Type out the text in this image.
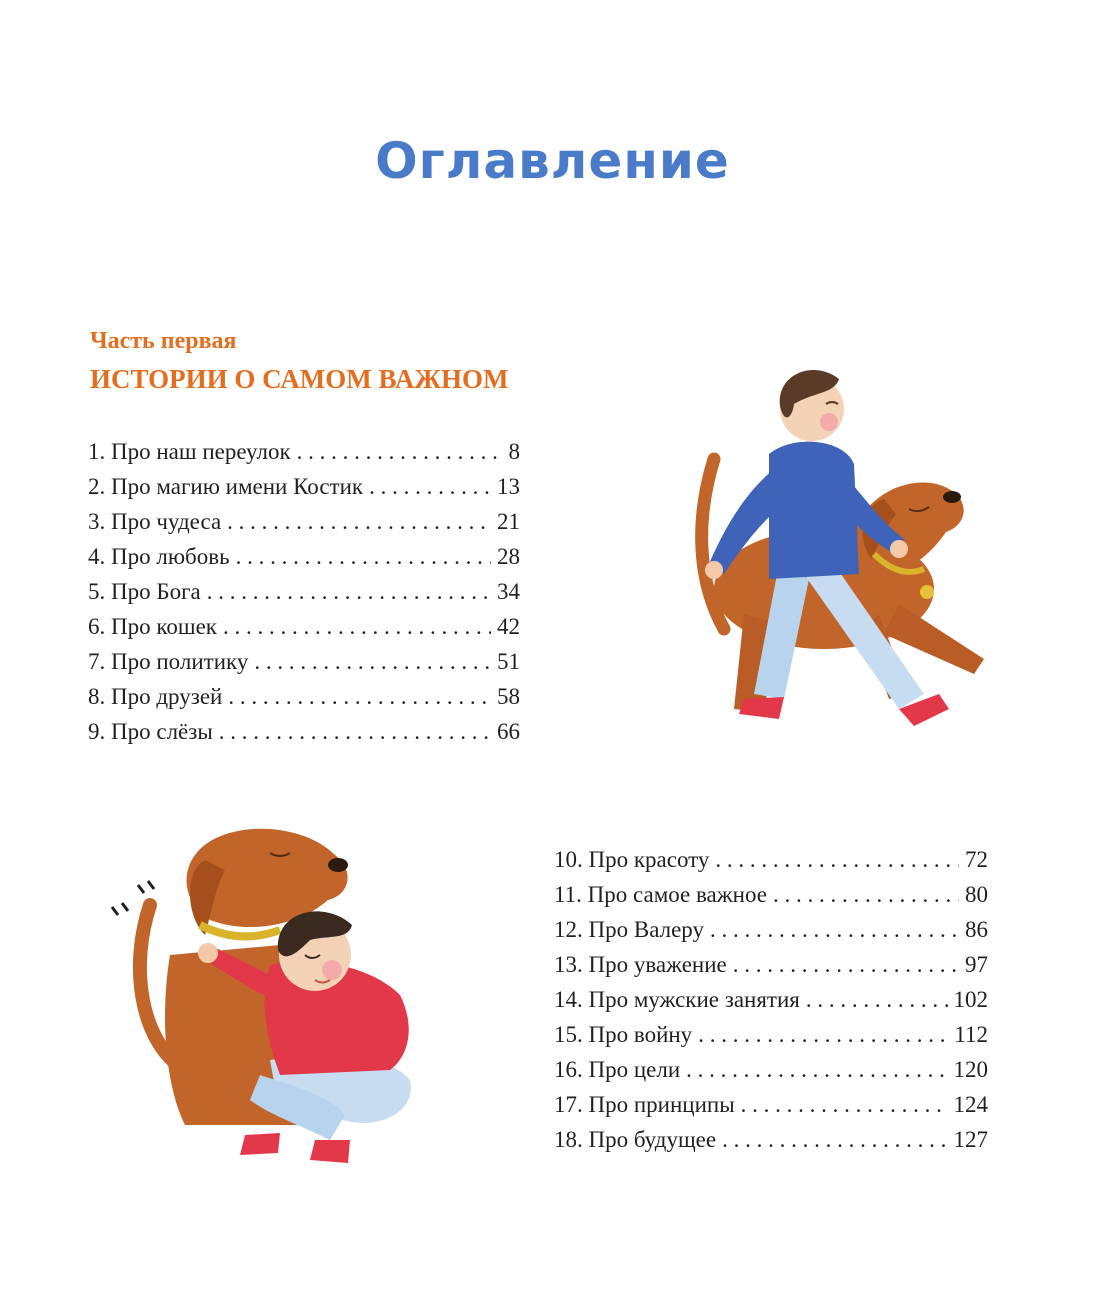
Оглавление
Часть первая
ИСТОРИИ О САМОМ ВАЖНОМ
1. Про наш переулок . . .	8
2. Про магию имени Костик . . .	13
3. Про чудеса . . .	21
4. Про любовь . . .	28
5. Про Бога . . .	34
6. Про кошек . . .	42
7. Про политику . . .	51
8. Про друзей . . .	58
9. Про слёзы . . .	66
10. Про красоту . . .	72
11. Про самое важное . . .	80
12. Про Валеру . . .	86
13. Про уважение . . .	97
14. Про мужские занятия . . .	102
15. Про войну . . .	112
16. Про цели . . .	120
17. Про принципы . . .	124
18. Про будущее . . .	127
